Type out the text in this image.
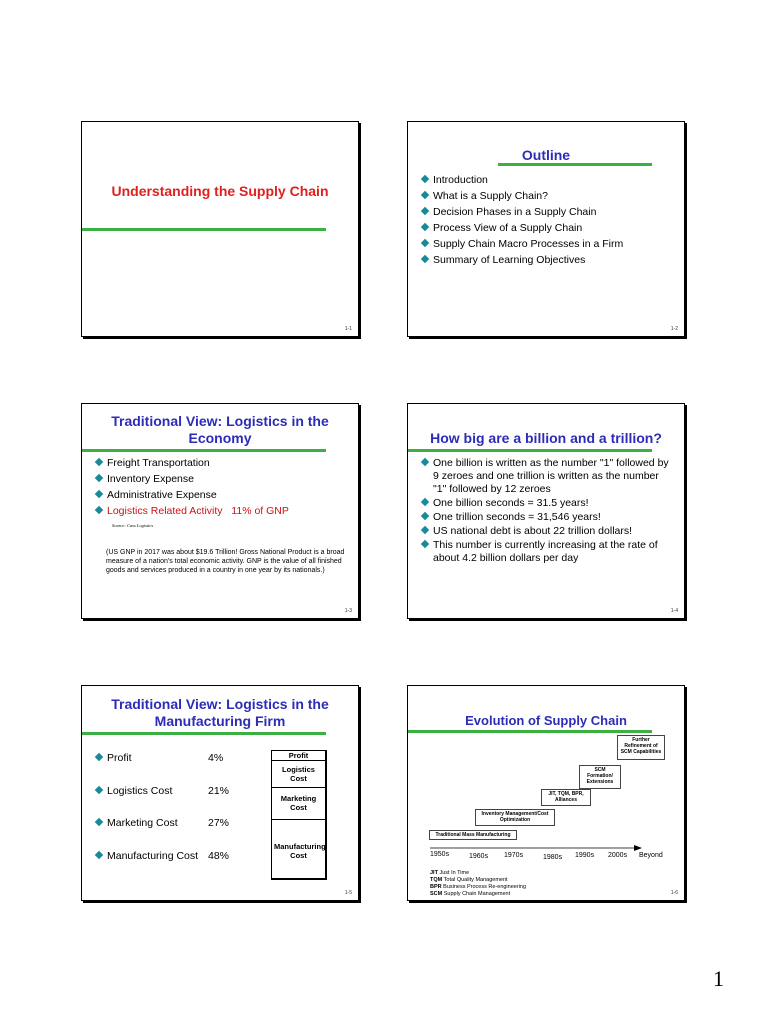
Understanding the Supply Chain
1-1
Outline
Introduction
What is a Supply Chain?
Decision Phases in a Supply Chain
Process View of a Supply Chain
Supply Chain Macro Processes in a Firm
Summary of Learning Objectives
1-2
Traditional View: Logistics in the
Economy
Freight Transportation
Inventory Expense
Administrative Expense
Logistics Related Activity   11% of GNP
Source: Cass Logistics
(US GNP in 2017 was about $19.6 Trillion! Gross National Product is a broad measure of a nation's total economic activity. GNP is the value of all finished goods and services produced in a country in one year by its nationals.)
1-3
How big are a billion and a trillion?
One billion is written as the number "1" followed by 9 zeroes and one trillion is written as the number "1" followed by 12 zeroes
One billion seconds = 31.5 years!
One trillion seconds = 31,546 years!
US national debt is about 22 trillion dollars!
This number is currently increasing at the rate of about 4.2 billion dollars per day
1-4
Traditional View: Logistics in the
Manufacturing Firm
Profit	4%
Logistics Cost	21%
Marketing Cost	27%
Manufacturing Cost 48%
Profit
Logistics Cost
Marketing Cost
Manufacturing Cost
1-5
Evolution of Supply Chain
Traditional Mass Manufacturing
Inventory Management/Cost Optimization
JIT, TQM, BPR, Alliances
SCM Formation/ Extensions
Further Refinement of SCM Capabilities
1950s	1960s 1970s	1980s 1990s 2000s Beyond
JIT Just In Time
TQM Total Quality Management
BPR Business Process Re-engineering
SCM Supply Chain Management	1-6
1
